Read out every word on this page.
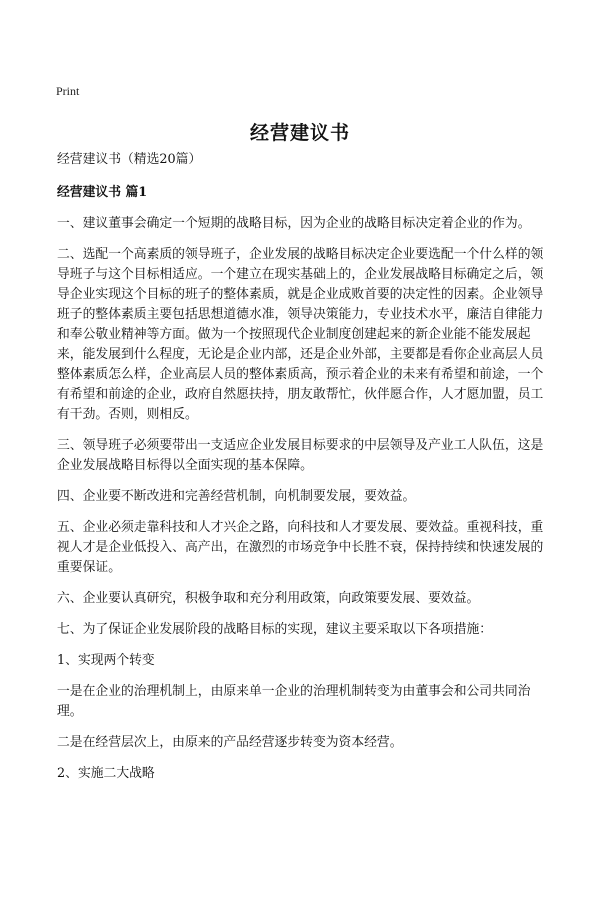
Print
经营建议书

经营建议书（精选20篇）

经营建议书 篇1

一、建议董事会确定一个短期的战略目标，因为企业的战略目标决定着企业的作为。

二、选配一个高素质的领导班子，企业发展的战略目标决定企业要选配一个什么样的领导班子与这个目标相适应。一个建立在现实基础上的，企业发展战略目标确定之后，领导企业实现这个目标的班子的整体素质，就是企业成败首要的决定性的因素。企业领导班子的整体素质主要包括思想道德水准，领导决策能力，专业技术水平，廉洁自律能力和奉公敬业精神等方面。做为一个按照现代企业制度创建起来的新企业能不能发展起来，能发展到什么程度，无论是企业内部，还是企业外部，主要都是看你企业高层人员整体素质怎么样，企业高层人员的整体素质高，预示着企业的未来有希望和前途，一个有希望和前途的企业，政府自然愿扶持，朋友敢帮忙，伙伴愿合作，人才愿加盟，员工有干劲。否则，则相反。

三、领导班子必须要带出一支适应企业发展目标要求的中层领导及产业工人队伍，这是企业发展战略目标得以全面实现的基本保障。

四、企业要不断改进和完善经营机制，向机制要发展，要效益。

五、企业必须走靠科技和人才兴企之路，向科技和人才要发展、要效益。重视科技，重视人才是企业低投入、高产出，在激烈的市场竞争中长胜不衰，保持持续和快速发展的重要保证。

六、企业要认真研究，积极争取和充分利用政策，向政策要发展、要效益。

七、为了保证企业发展阶段的战略目标的实现，建议主要采取以下各项措施：

1、实现两个转变

一是在企业的治理机制上，由原来单一企业的治理机制转变为由董事会和公司共同治理。

二是在经营层次上，由原来的产品经营逐步转变为资本经营。

2、实施二大战略
